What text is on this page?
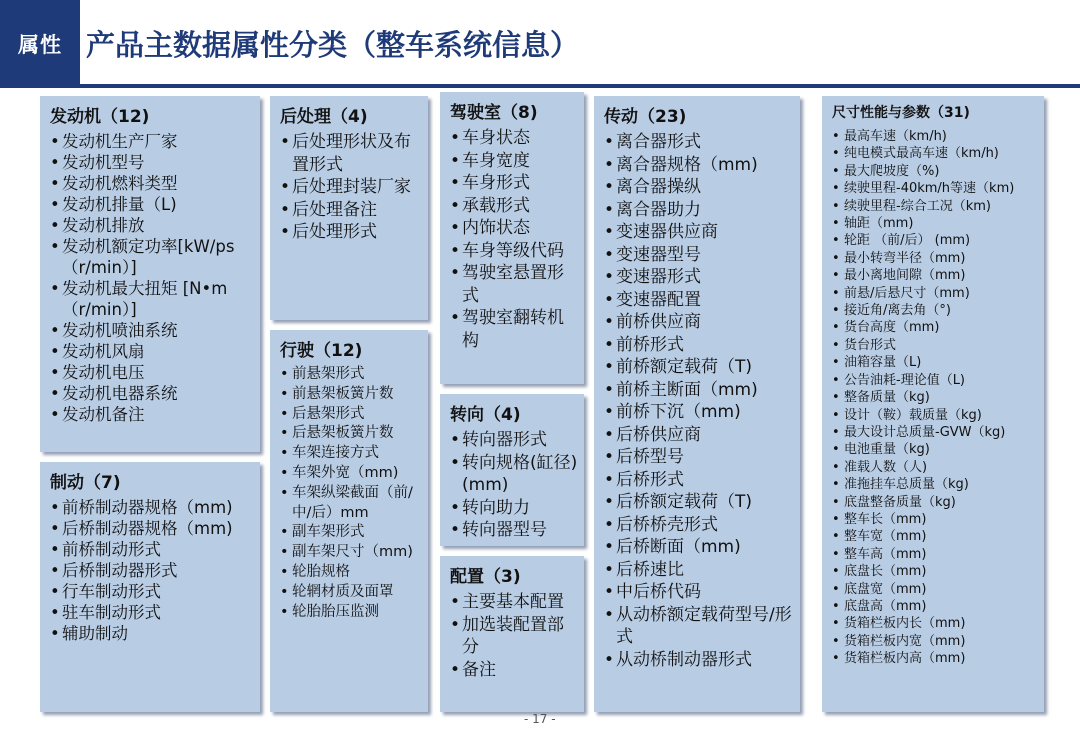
属性 产品主数据属性分类（整车系统信息）
发动机（12)
• 发动机生产厂家
• 发动机型号
• 发动机燃料类型
• 发动机排量（L)
• 发动机排放
• 发动机额定功率[kW/ps（r/min）]
• 发动机最大扭矩 [N•m（r/min）]
• 发动机喷油系统
• 发动机风扇
• 发动机电压
• 发动机电器系统
• 发动机备注
制动（7)
• 前桥制动器规格（mm)
• 后桥制动器规格（mm)
• 前桥制动形式
• 后桥制动器形式
• 行车制动形式
• 驻车制动形式
• 辅助制动
后处理（4)
• 后处理形状及布置形式
• 后处理封装厂家
• 后处理备注
• 后处理形式
行驶（12)
• 前悬架形式
• 前悬架板簧片数
• 后悬架形式
• 后悬架板簧片数
• 车架连接方式
• 车架外宽（mm)
• 车架纵梁截面（前/中/后）mm
• 副车架形式
• 副车架尺寸（mm)
• 轮胎规格
• 轮辋材质及面罩
• 轮胎胎压监测
驾驶室（8)
• 车身状态
• 车身宽度
• 车身形式
• 承载形式
• 内饰状态
• 车身等级代码
• 驾驶室悬置形式
• 驾驶室翻转机构
转向（4)
• 转向器形式
• 转向规格(缸径)(mm)
• 转向助力
• 转向器型号
配置（3)
• 主要基本配置
• 加选装配置部分
• 备注
传动（23)
• 离合器形式
• 离合器规格（mm)
• 离合器操纵
• 离合器助力
• 变速器供应商
• 变速器型号
• 变速器形式
• 变速器配置
• 前桥供应商
• 前桥形式
• 前桥额定载荷（T)
• 前桥主断面（mm)
• 前桥下沉（mm)
• 后桥供应商
• 后桥型号
• 后桥形式
• 后桥额定载荷（T)
• 后桥桥壳形式
• 后桥断面（mm)
• 后桥速比
• 中后桥代码
• 从动桥额定载荷型号/形式
• 从动桥制动器形式
尺寸性能与参数（31)
• 最高车速（km/h)
• 纯电模式最高车速（km/h)
• 最大爬坡度（%)
• 续驶里程-40km/h等速（km)
• 续驶里程-综合工况（km)
• 轴距（mm)
• 轮距 （前/后） (mm)
• 最小转弯半径（mm)
• 最小离地间隙（mm)
• 前悬/后悬尺寸（mm)
• 接近角/离去角（°)
• 货台高度（mm)
• 货台形式
• 油箱容量（L)
• 公告油耗-理论值（L)
• 整备质量（kg)
• 设计（鞍）载质量（kg)
• 最大设计总质量-GVW（kg)
• 电池重量（kg)
• 准载人数（人)
• 准拖挂车总质量（kg)
• 底盘整备质量（kg)
• 整车长（mm)
• 整车宽（mm)
• 整车高（mm)
• 底盘长（mm)
• 底盘宽（mm)
• 底盘高（mm)
• 货箱栏板内长（mm)
• 货箱栏板内宽（mm)
• 货箱栏板内高（mm)
- 17 -
